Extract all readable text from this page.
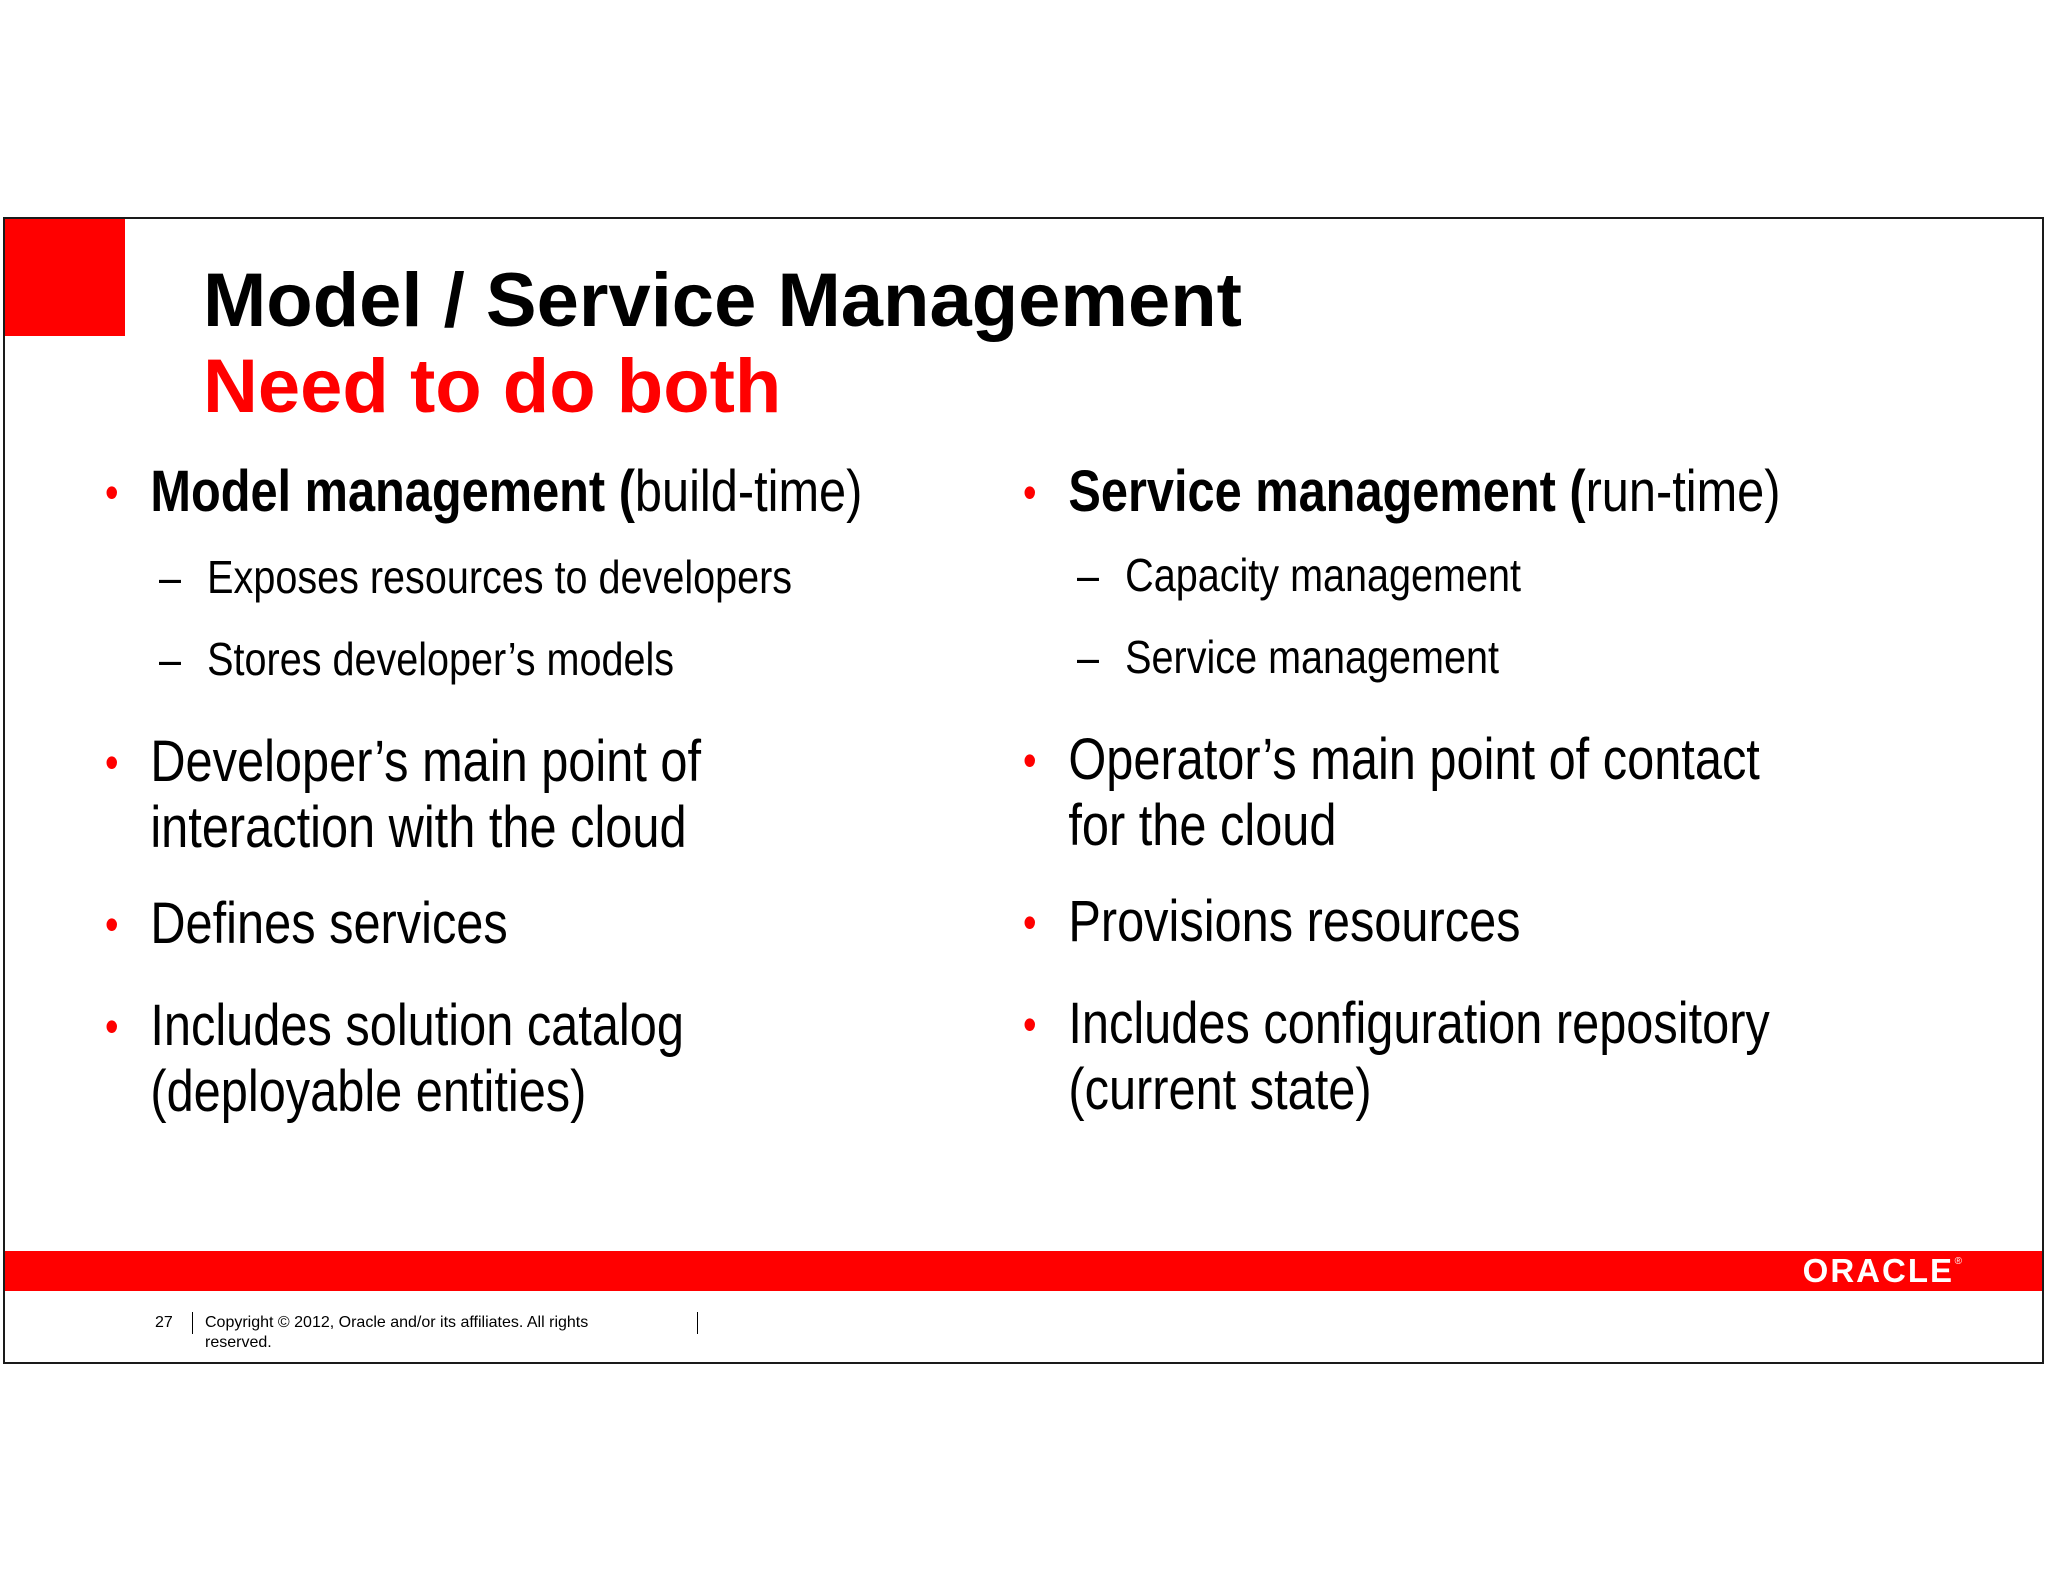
Model / Service Management
Need to do both
• Model management (build-time)
– Exposes resources to developers
– Stores developer’s models
• Developer’s main point of
interaction with the cloud
• Defines services
• Includes solution catalog
(deployable entities)
• Service management (run-time)
– Capacity management
– Service management
• Operator’s main point of contact
for the cloud
• Provisions resources
• Includes configuration repository
(current state)
ORACLE ®
27 Copyright © 2012, Oracle and/or its affiliates. All rights reserved.
